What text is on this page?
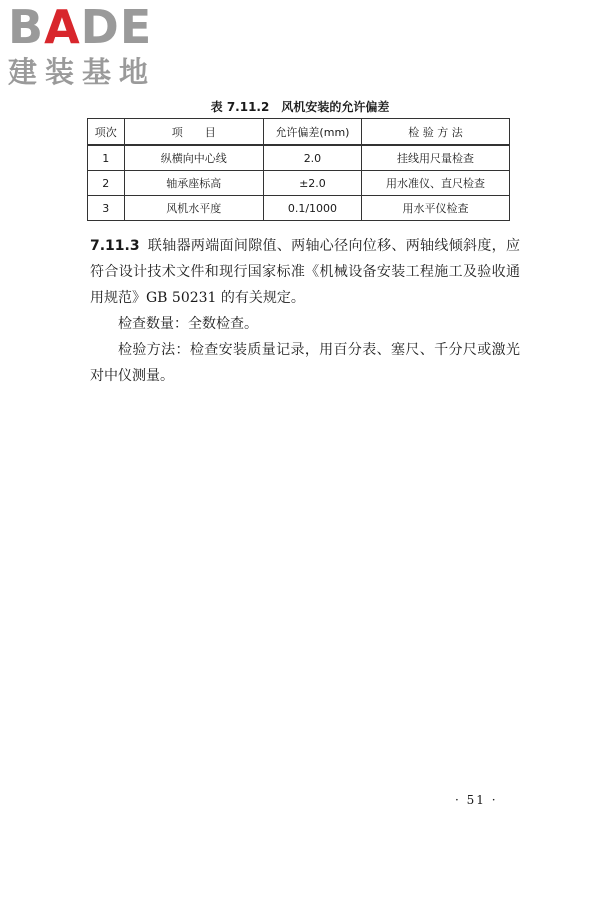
BADE
建装基地
表 7.11.2　风机安装的允许偏差
项次	项　　目	允许偏差(mm)	检 验 方 法
1	纵横向中心线	2.0	挂线用尺量检查
2	轴承座标高	±2.0	用水准仪、直尺检查
3	风机水平度	0.1/1000	用水平仪检查

7.11.3 联轴器两端面间隙值、两轴心径向位移、两轴线倾斜度，应符合设计技术文件和现行国家标准《机械设备安装工程施工及验收通用规范》GB 50231 的有关规定。

检查数量：全数检查。

检验方法：检查安装质量记录，用百分表、塞尺、千分尺或激光对中仪测量。

· 51 ·
